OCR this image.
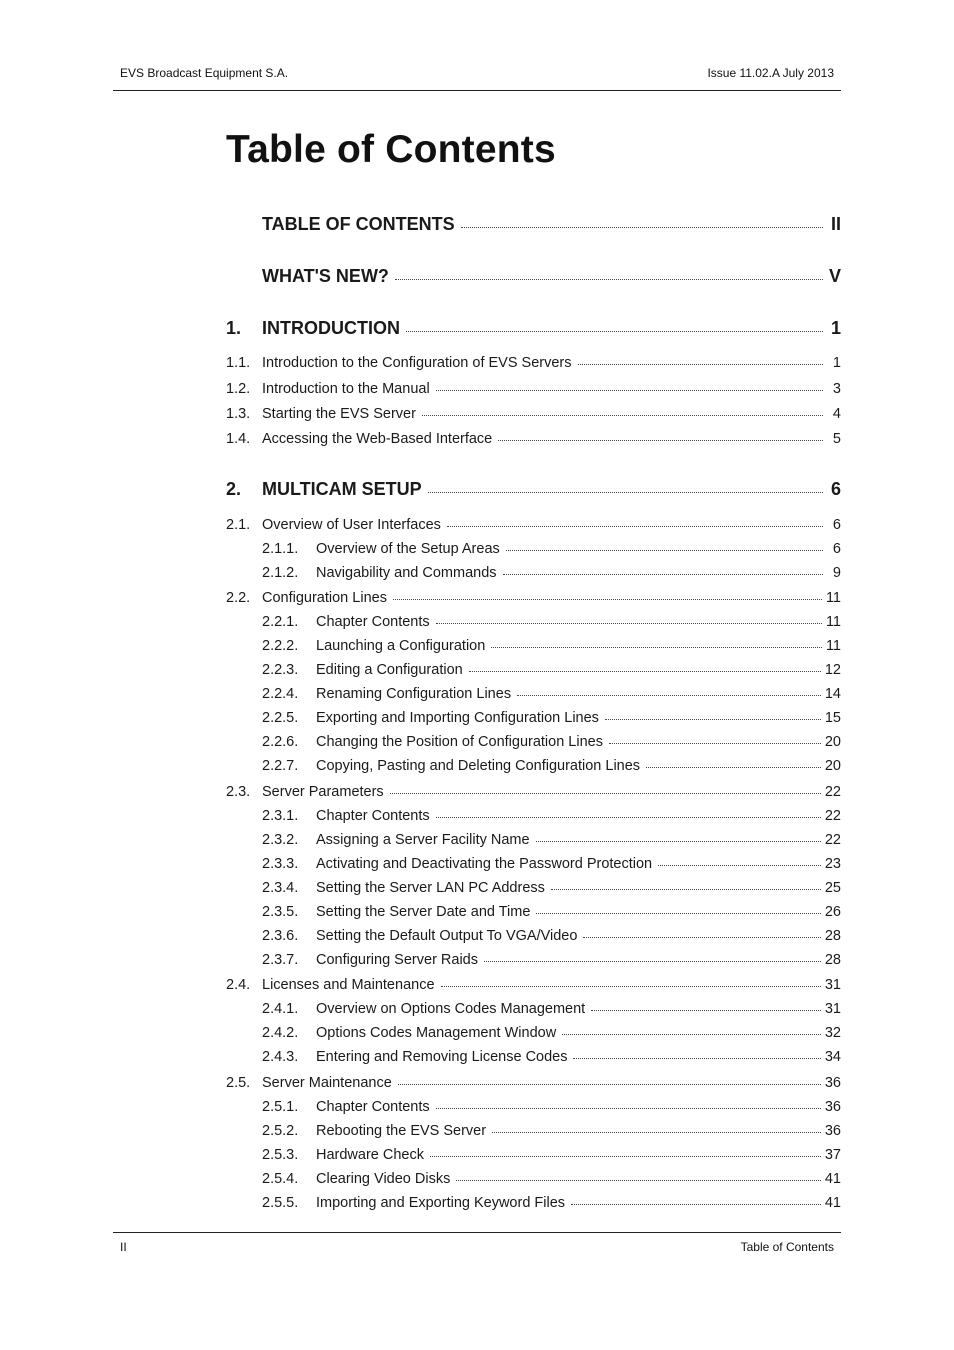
EVS Broadcast Equipment S.A.	Issue 11.02.A July 2013
Table of Contents
TABLE OF CONTENTS	II
WHAT'S NEW?	V
1.	INTRODUCTION	1
1.1. Introduction to the Configuration of EVS Servers	1
1.2. Introduction to the Manual	3
1.3. Starting the EVS Server	4
1.4. Accessing the Web-Based Interface	5
2.	MULTICAM SETUP	6
2.1. Overview of User Interfaces	6
2.1.1.	Overview of the Setup Areas	6
2.1.2.	Navigability and Commands	9
2.2. Configuration Lines	11
2.2.1.	Chapter Contents	11
2.2.2.	Launching a Configuration	11
2.2.3.	Editing a Configuration	12
2.2.4.	Renaming Configuration Lines	14
2.2.5.	Exporting and Importing Configuration Lines	15
2.2.6.	Changing the Position of Configuration Lines	20
2.2.7.	Copying, Pasting and Deleting Configuration Lines	20
2.3. Server Parameters	22
2.3.1.	Chapter Contents	22
2.3.2.	Assigning a Server Facility Name	22
2.3.3.	Activating and Deactivating the Password Protection	23
2.3.4.	Setting the Server LAN PC Address	25
2.3.5.	Setting the Server Date and Time	26
2.3.6.	Setting the Default Output To VGA/Video	28
2.3.7.	Configuring Server Raids	28
2.4. Licenses and Maintenance	31
2.4.1.	Overview on Options Codes Management	31
2.4.2.	Options Codes Management Window	32
2.4.3.	Entering and Removing License Codes	34
2.5. Server Maintenance	36
2.5.1.	Chapter Contents	36
2.5.2.	Rebooting the EVS Server	36
2.5.3.	Hardware Check	37
2.5.4.	Clearing Video Disks	41
2.5.5.	Importing and Exporting Keyword Files	41
II	Table of Contents
